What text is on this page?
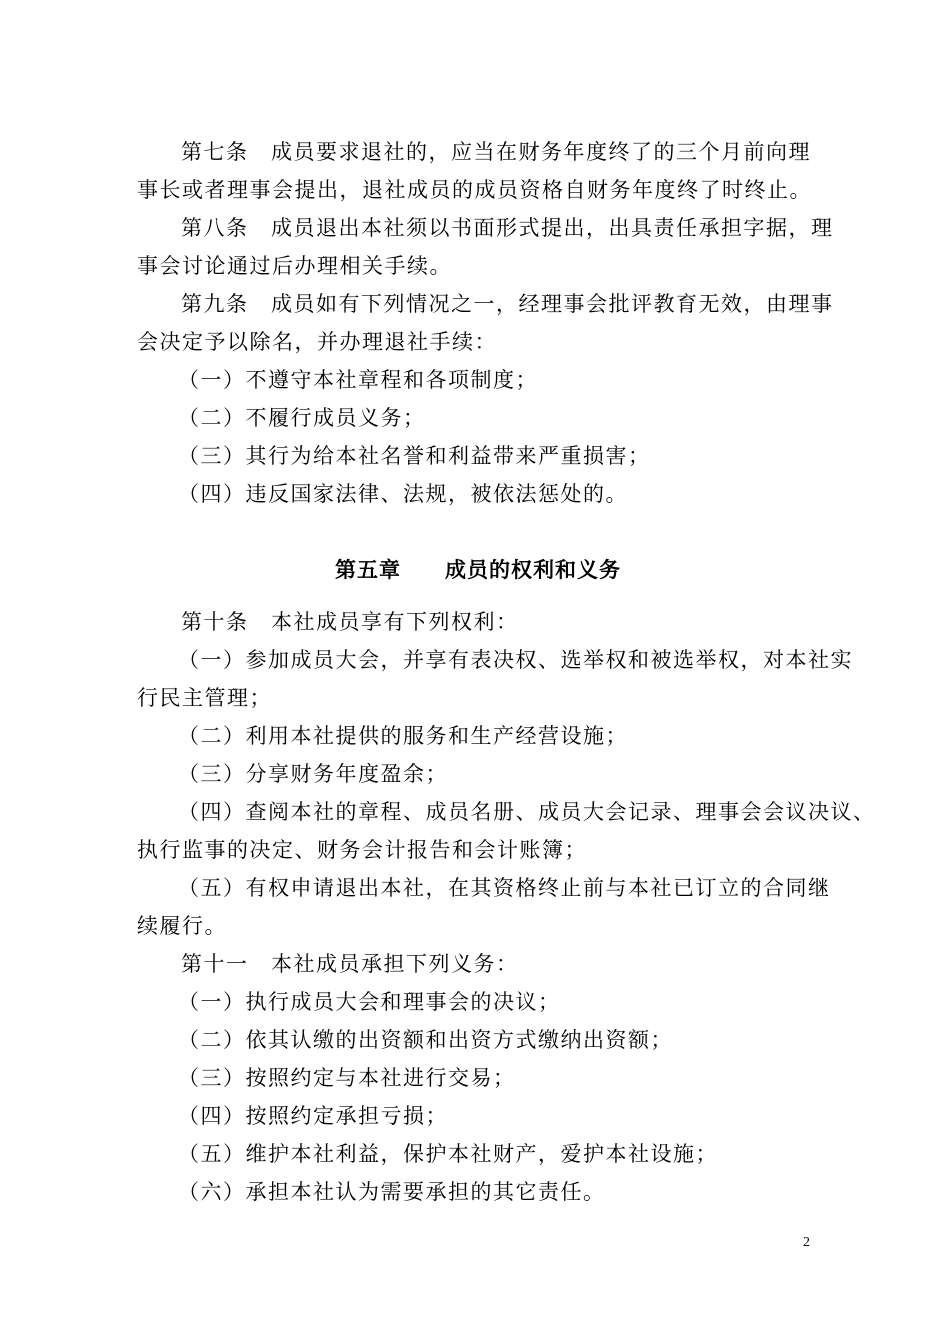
第七条　成员要求退社的，应当在财务年度终了的三个月前向理
事长或者理事会提出，退社成员的成员资格自财务年度终了时终止。
第八条　成员退出本社须以书面形式提出，出具责任承担字据，理
事会讨论通过后办理相关手续。
第九条　成员如有下列情况之一，经理事会批评教育无效，由理事
会决定予以除名，并办理退社手续：
（一）不遵守本社章程和各项制度；
（二）不履行成员义务；
（三）其行为给本社名誉和利益带来严重损害；
（四）违反国家法律、法规，被依法惩处的。
第五章　　成员的权利和义务
第十条　本社成员享有下列权利：
（一）参加成员大会，并享有表决权、选举权和被选举权，对本社实
行民主管理；
（二）利用本社提供的服务和生产经营设施；
（三）分享财务年度盈余；
（四）查阅本社的章程、成员名册、成员大会记录、理事会会议决议、
执行监事的决定、财务会计报告和会计账簿；
（五）有权申请退出本社，在其资格终止前与本社已订立的合同继
续履行。
第十一　本社成员承担下列义务：
（一）执行成员大会和理事会的决议；
（二）依其认缴的出资额和出资方式缴纳出资额；
（三）按照约定与本社进行交易；
（四）按照约定承担亏损；
（五）维护本社利益，保护本社财产，爱护本社设施；
（六）承担本社认为需要承担的其它责任。
2
